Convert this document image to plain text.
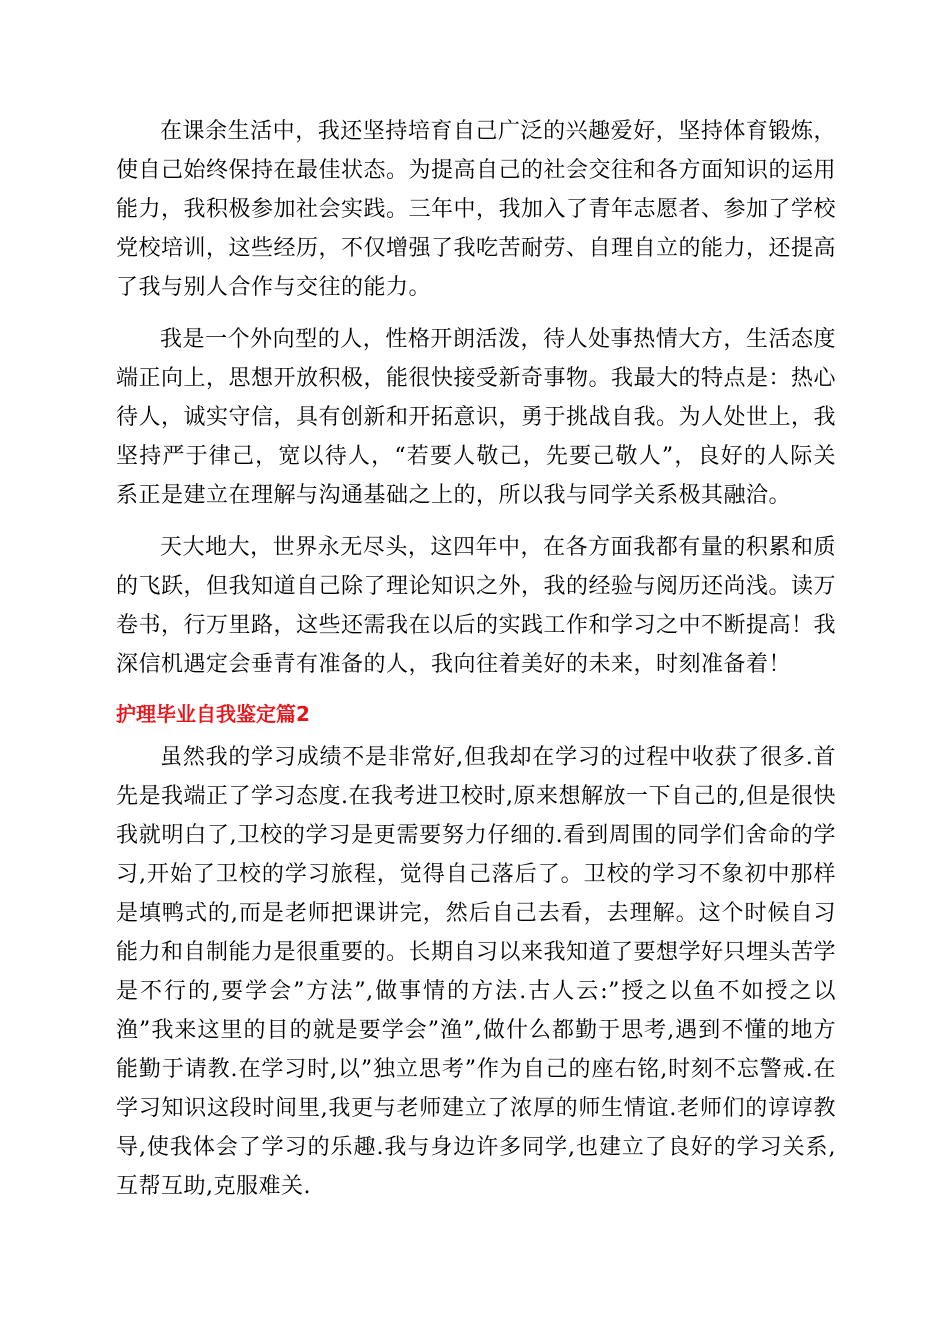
在课余生活中，我还坚持培育自己广泛的兴趣爱好，坚持体育锻炼，使自己始终保持在最佳状态。为提高自己的社会交往和各方面知识的运用能力，我积极参加社会实践。三年中，我加入了青年志愿者、参加了学校党校培训，这些经历，不仅增强了我吃苦耐劳、自理自立的能力，还提高了我与别人合作与交往的能力。

我是一个外向型的人，性格开朗活泼，待人处事热情大方，生活态度端正向上，思想开放积极，能很快接受新奇事物。我最大的特点是：热心待人，诚实守信，具有创新和开拓意识，勇于挑战自我。为人处世上，我坚持严于律己，宽以待人，“若要人敬己，先要己敬人”，良好的人际关系正是建立在理解与沟通基础之上的，所以我与同学关系极其融洽。

天大地大，世界永无尽头，这四年中，在各方面我都有量的积累和质的飞跃，但我知道自己除了理论知识之外，我的经验与阅历还尚浅。读万卷书，行万里路，这些还需我在以后的实践工作和学习之中不断提高！我深信机遇定会垂青有准备的人，我向往着美好的未来，时刻准备着！

护理毕业自我鉴定篇2

虽然我的学习成绩不是非常好,但我却在学习的过程中收获了很多.首先是我端正了学习态度.在我考进卫校时,原来想解放一下自己的,但是很快我就明白了,卫校的学习是更需要努力仔细的.看到周围的同学们舍命的学习,开始了卫校的学习旅程，觉得自己落后了。卫校的学习不象初中那样是填鸭式的,而是老师把课讲完，然后自己去看，去理解。这个时候自习能力和自制能力是很重要的。长期自习以来我知道了要想学好只埋头苦学是不行的,要学会”方法”,做事情的方法.古人云:”授之以鱼不如授之以渔”我来这里的目的就是要学会”渔”,做什么都勤于思考,遇到不懂的地方能勤于请教.在学习时,以”独立思考”作为自己的座右铭,时刻不忘警戒.在学习知识这段时间里,我更与老师建立了浓厚的师生情谊.老师们的谆谆教导,使我体会了学习的乐趣.我与身边许多同学,也建立了良好的学习关系,互帮互助,克服难关.
